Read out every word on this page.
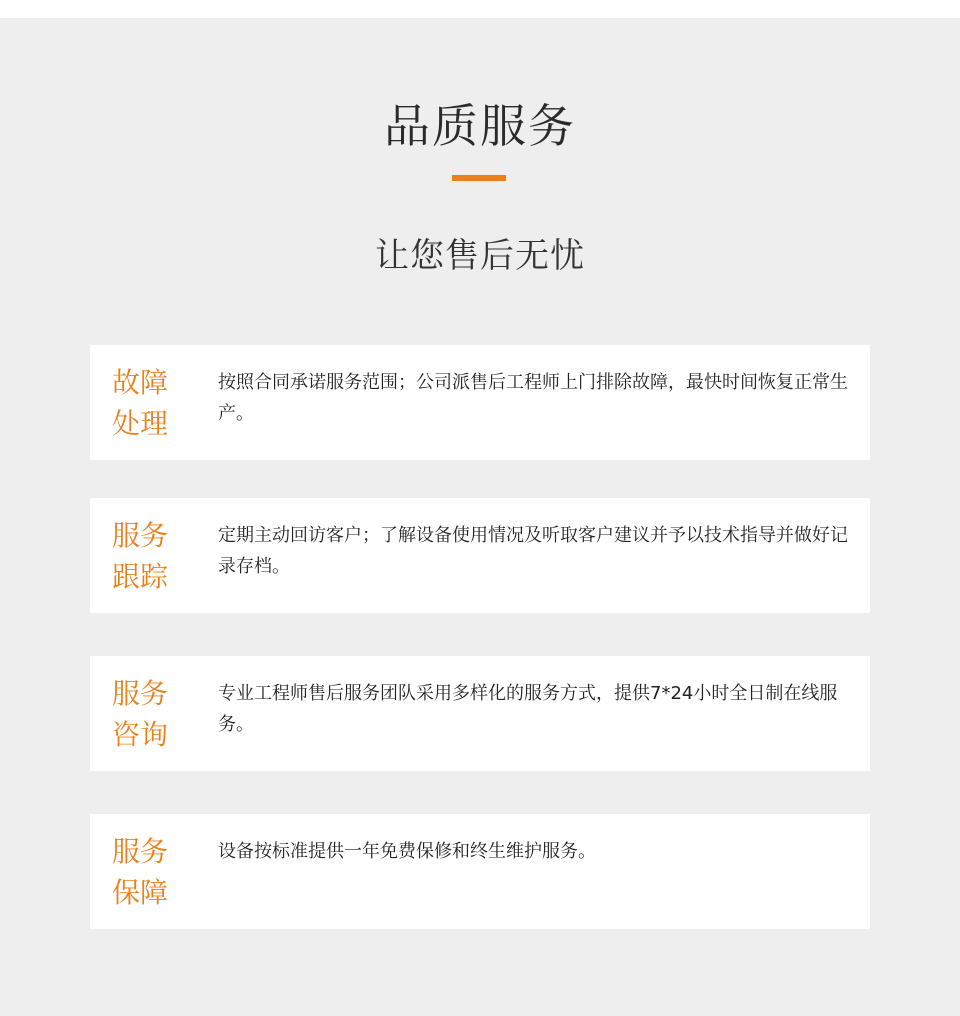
品质服务
让您售后无忧
故障
处理
按照合同承诺服务范围；公司派售后工程师上门排除故障，最快时间恢复正常生产。
服务
跟踪
定期主动回访客户；了解设备使用情况及听取客户建议并予以技术指导并做好记录存档。
服务
咨询
专业工程师售后服务团队采用多样化的服务方式，提供7*24小时全日制在线服务。
服务
保障
设备按标准提供一年免费保修和终生维护服务。
